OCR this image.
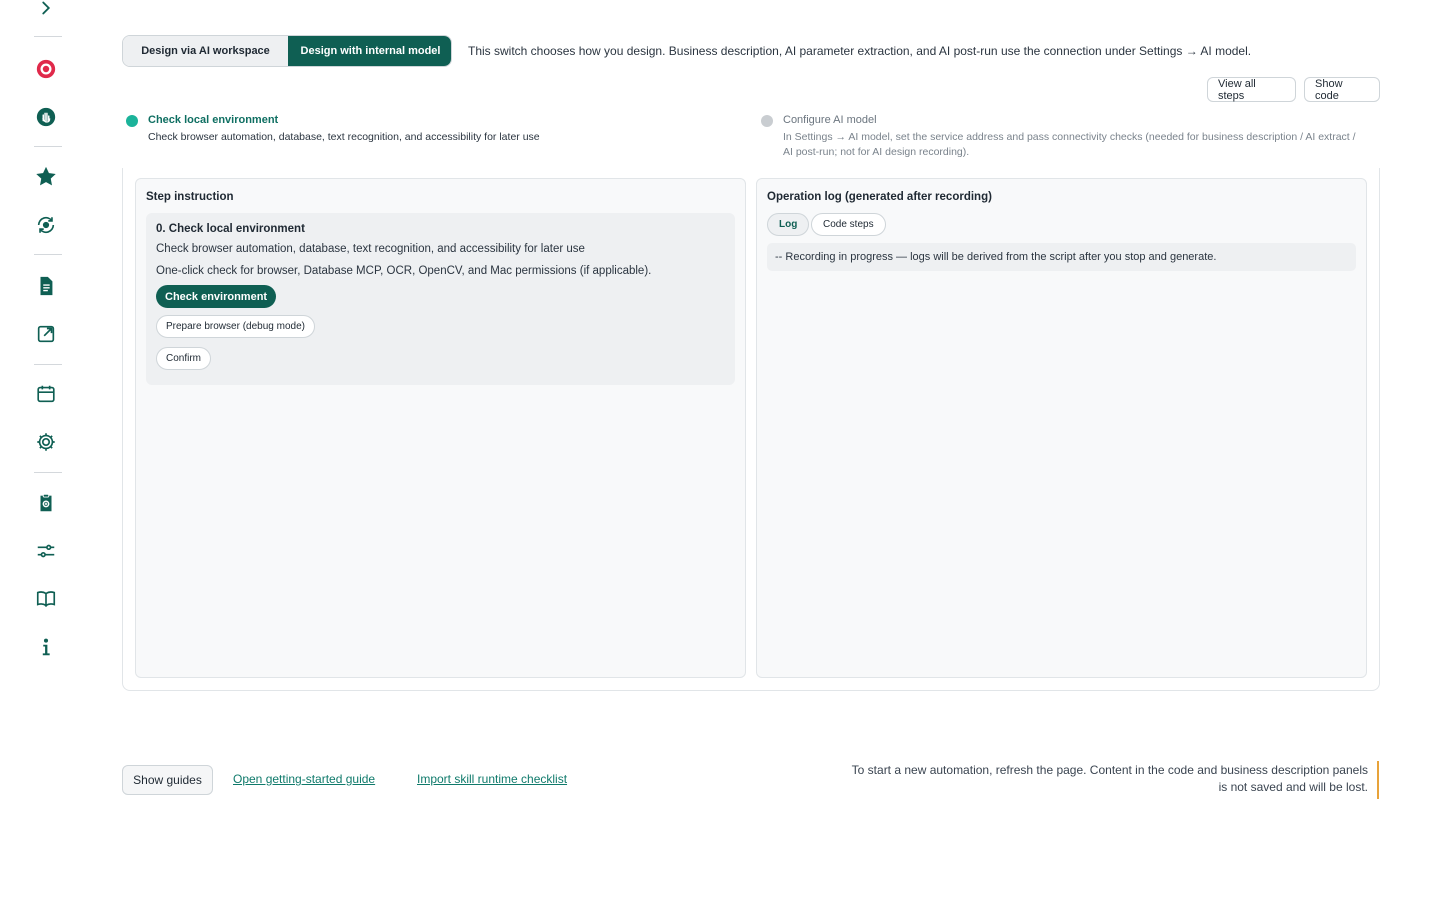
Design via AI workspace	Design with internal model	This switch chooses how you design. Business description, AI parameter extraction, and AI post-run use the connection under Settings → AI model.
View all steps
Show code
Check local environment
Check browser automation, database, text recognition, and accessibility for later use
Configure AI model
In Settings → AI model, set the service address and pass connectivity checks (needed for business description / AI extract / AI post-run; not for AI design recording).
Step instruction
0. Check local environment
Check browser automation, database, text recognition, and accessibility for later use
One-click check for browser, Database MCP, OCR, OpenCV, and Mac permissions (if applicable).
Check environment
Prepare browser (debug mode)
Confirm
Operation log (generated after recording)
Log	Code steps
-- Recording in progress — logs will be derived from the script after you stop and generate.
Show guides	Open getting-started guide	Import skill runtime checklist
To start a new automation, refresh the page. Content in the code and business description panels is not saved and will be lost.
